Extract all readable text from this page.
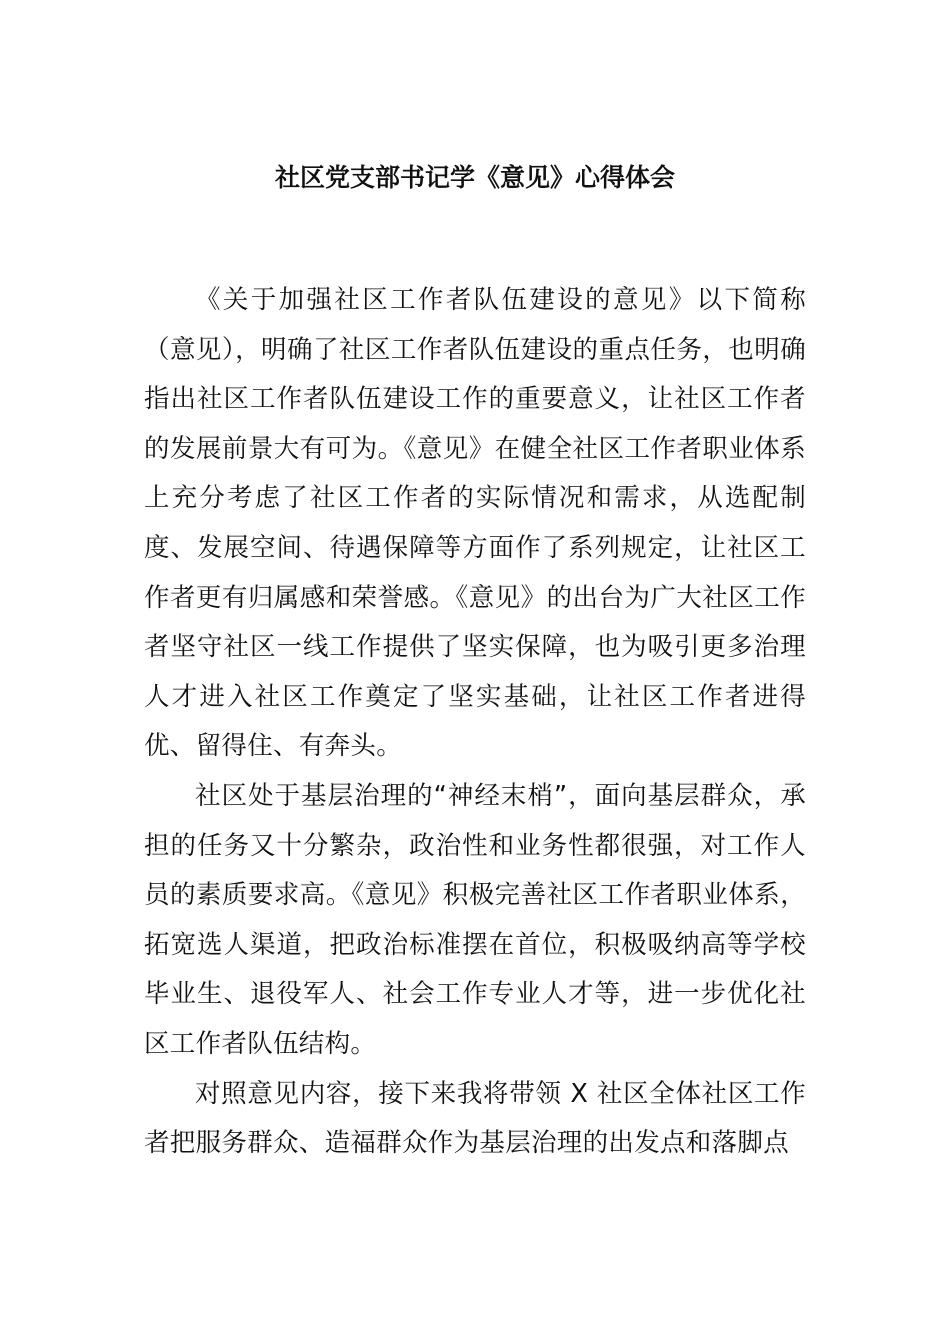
社区党支部书记学《意见》心得体会

《关于加强社区工作者队伍建设的意见》以下简称（意见），明确了社区工作者队伍建设的重点任务，也明确指出社区工作者队伍建设工作的重要意义，让社区工作者的发展前景大有可为。《意见》在健全社区工作者职业体系上充分考虑了社区工作者的实际情况和需求，从选配制度、发展空间、待遇保障等方面作了系列规定，让社区工作者更有归属感和荣誉感。《意见》的出台为广大社区工作者坚守社区一线工作提供了坚实保障，也为吸引更多治理人才进入社区工作奠定了坚实基础，让社区工作者进得优、留得住、有奔头。

社区处于基层治理的“神经末梢”，面向基层群众，承担的任务又十分繁杂，政治性和业务性都很强，对工作人员的素质要求高。《意见》积极完善社区工作者职业体系，拓宽选人渠道，把政治标准摆在首位，积极吸纳高等学校毕业生、退役军人、社会工作专业人才等，进一步优化社区工作者队伍结构。

对照意见内容，接下来我将带领 X 社区全体社区工作者把服务群众、造福群众作为基层治理的出发点和落脚点
